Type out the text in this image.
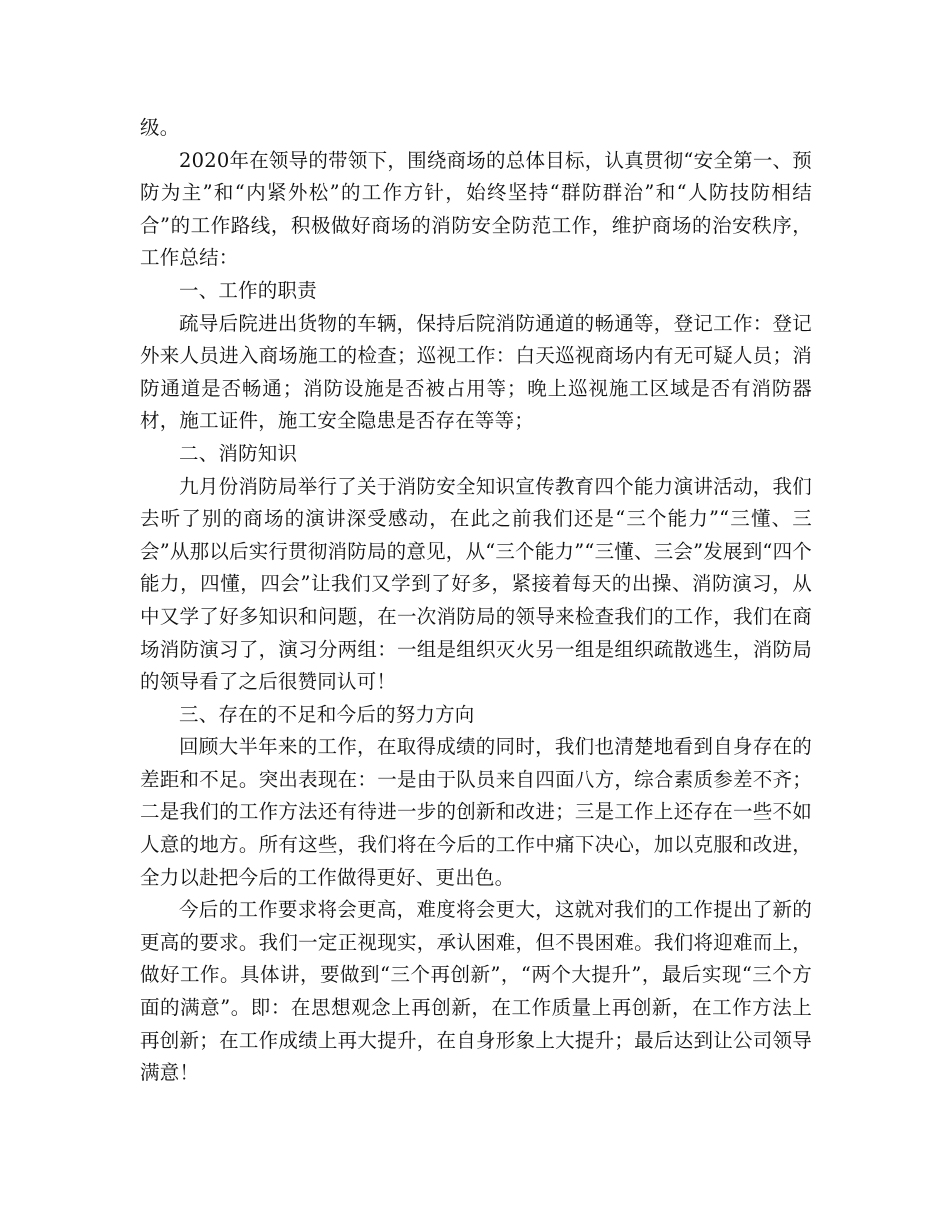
级。

2020年在领导的带领下，围绕商场的总体目标，认真贯彻“安全第一、预防为主”和“内紧外松”的工作方针，始终坚持“群防群治”和“人防技防相结合”的工作路线，积极做好商场的消防安全防范工作，维护商场的治安秩序，工作总结：

一、工作的职责

疏导后院进出货物的车辆，保持后院消防通道的畅通等，登记工作：登记外来人员进入商场施工的检查；巡视工作：白天巡视商场内有无可疑人员；消防通道是否畅通；消防设施是否被占用等；晚上巡视施工区域是否有消防器材，施工证件，施工安全隐患是否存在等等；

二、消防知识

九月份消防局举行了关于消防安全知识宣传教育四个能力演讲活动，我们去听了别的商场的演讲深受感动，在此之前我们还是“三个能力”“三懂、三会”从那以后实行贯彻消防局的意见，从“三个能力”“三懂、三会”发展到“四个能力，四懂，四会”让我们又学到了好多，紧接着每天的出操、消防演习，从中又学了好多知识和问题，在一次消防局的领导来检查我们的工作，我们在商场消防演习了，演习分两组：一组是组织灭火另一组是组织疏散逃生，消防局的领导看了之后很赞同认可！

三、存在的不足和今后的努力方向

回顾大半年来的工作，在取得成绩的同时，我们也清楚地看到自身存在的差距和不足。突出表现在：一是由于队员来自四面八方，综合素质参差不齐；二是我们的工作方法还有待进一步的创新和改进；三是工作上还存在一些不如人意的地方。所有这些，我们将在今后的工作中痛下决心，加以克服和改进，全力以赴把今后的工作做得更好、更出色。

今后的工作要求将会更高，难度将会更大，这就对我们的工作提出了新的更高的要求。我们一定正视现实，承认困难，但不畏困难。我们将迎难而上，做好工作。具体讲，要做到“三个再创新”，“两个大提升”，最后实现“三个方面的满意”。即：在思想观念上再创新，在工作质量上再创新，在工作方法上再创新；在工作成绩上再大提升，在自身形象上大提升；最后达到让公司领导满意！
